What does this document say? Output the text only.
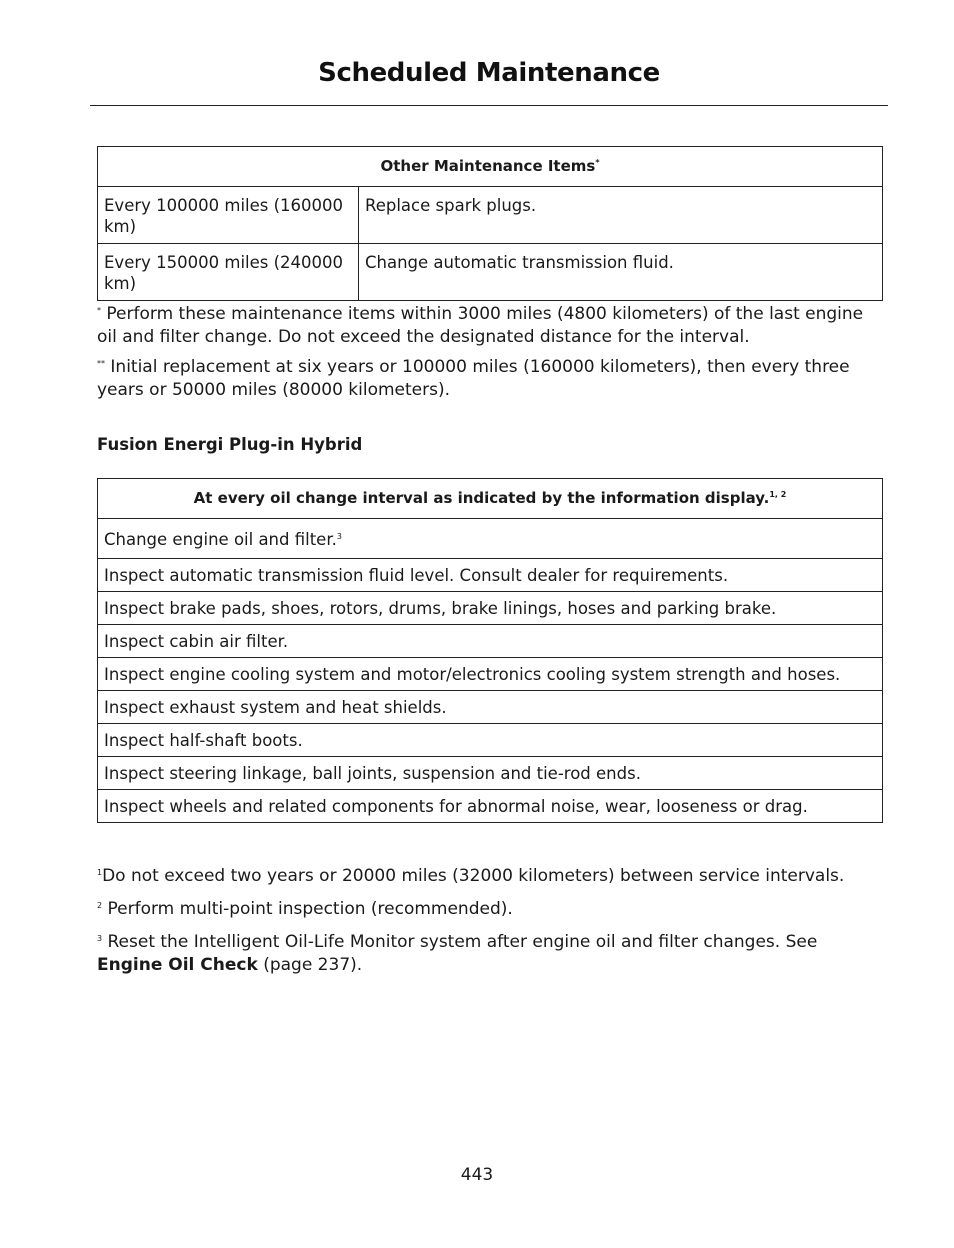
Scheduled Maintenance
Other Maintenance Items*
Every 100000 miles (160000 km)	Replace spark plugs.
Every 150000 miles (240000 km)	Change automatic transmission fluid.

* Perform these maintenance items within 3000 miles (4800 kilometers) of the last engine oil and filter change. Do not exceed the designated distance for the interval.

** Initial replacement at six years or 100000 miles (160000 kilometers), then every three years or 50000 miles (80000 kilometers).

Fusion Energi Plug-in Hybrid
At every oil change interval as indicated by the information display.$^{1, 2}$
Change engine oil and filter.$^3$
Inspect automatic transmission fluid level. Consult dealer for requirements.
Inspect brake pads, shoes, rotors, drums, brake linings, hoses and parking brake.
Inspect cabin air filter.
Inspect engine cooling system and motor/electronics cooling system strength and hoses.
Inspect exhaust system and heat shields.
Inspect half-shaft boots.
Inspect steering linkage, ball joints, suspension and tie-rod ends.
Inspect wheels and related components for abnormal noise, wear, looseness or drag.

$^1$Do not exceed two years or 20000 miles (32000 kilometers) between service intervals.

$^2$ Perform multi-point inspection (recommended).

$^3$ Reset the Intelligent Oil-Life Monitor system after engine oil and filter changes. See Engine Oil Check (page 237).

443
